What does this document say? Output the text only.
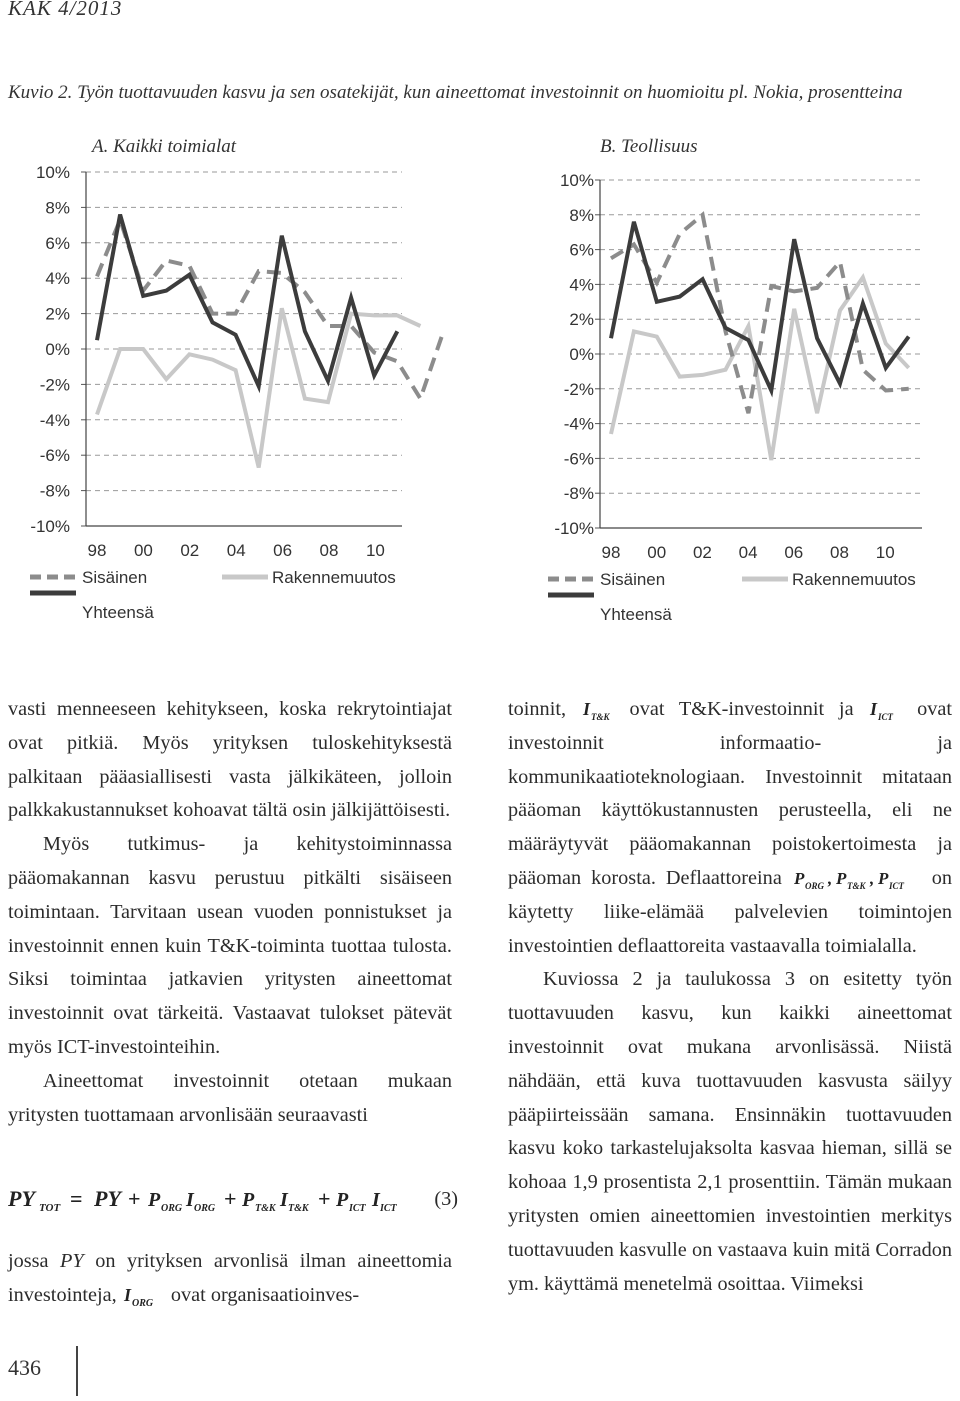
KAK 4/2013
Kuvio 2. Työn tuottavuuden kasvu ja sen osatekijät, kun aineettomat investoinnit on huomioitu pl. Nokia, prosentteina
A. Kaikki toimialat
10%
8%
6%
4%
2%
0%
-2%
-4%
-6%
-8%
-10%
98 00 02 04 06 08 10
Sisäinen	Rakennemuutos
Yhteensä
B. Teollisuus
10%
8%
6%
4%
2%
0%
-2%
-4%
-6%
-8%
-10%
98 00 02 04 06 08 10
Sisäinen	Rakennemuutos
Yhteensä

vasti menneeseen kehitykseen, koska rekrytointiajat ovat pitkiä. Myös yrityksen tuloskehityksestä palkitaan pääasiallisesti vasta jälkikäteen, jolloin palkkakustannukset kohoavat tältä osin jälkijättöisesti.

Myös tutkimus- ja kehitystoiminnassa pääomakannan kasvu perustuu pitkälti sisäiseen toimintaan. Tarvitaan usean vuoden ponnistukset ja investoinnit ennen kuin T&K-toiminta tuottaa tulosta. Siksi toimintaa jatkavien yritysten aineettomat investoinnit ovat tärkeitä. Vastaavat tulokset pätevät myös ICT-investointeihin.

Aineettomat investoinnit otetaan mukaan yritysten tuottamaan arvonlisään seuraavasti

PY TOT = PY + P ORG I ORG + P T&K I T&K + P ICT I ICT (3)

jossa PY on yrityksen arvonlisä ilman aineettomia investointeja, I ORG ovat organisaatioinves-

toinnit, I T&K ovat T&K-investoinnit ja I ICT ovat investoinnit informaatio- ja kommunikaatioteknologiaan. Investoinnit mitataan pääoman käyttökustannusten perusteella, eli ne määräytyvät pääomakannan poistokertoimesta ja pääoman korosta. Deflaattoreina P ORG , P T&K , P ICT on käytetty liike-elämää palvelevien toimintojen investointien deflaattoreita vastaavalla toimialalla.

Kuviossa 2 ja taulukossa 3 on esitetty työn tuottavuuden kasvu, kun kaikki aineettomat investoinnit ovat mukana arvonlisässä. Niistä nähdään, että kuva tuottavuuden kasvusta säilyy pääpiirteissään samana. Ensinnäkin tuottavuuden kasvu koko tarkastelujaksolta kasvaa hieman, sillä se kohoaa 1,9 prosentista 2,1 prosenttiin. Tämän mukaan yritysten omien aineettomien investointien merkitys tuottavuuden kasvulle on vastaava kuin mitä Corradon ym. käyttämä menetelmä osoittaa. Viimeksi

436
